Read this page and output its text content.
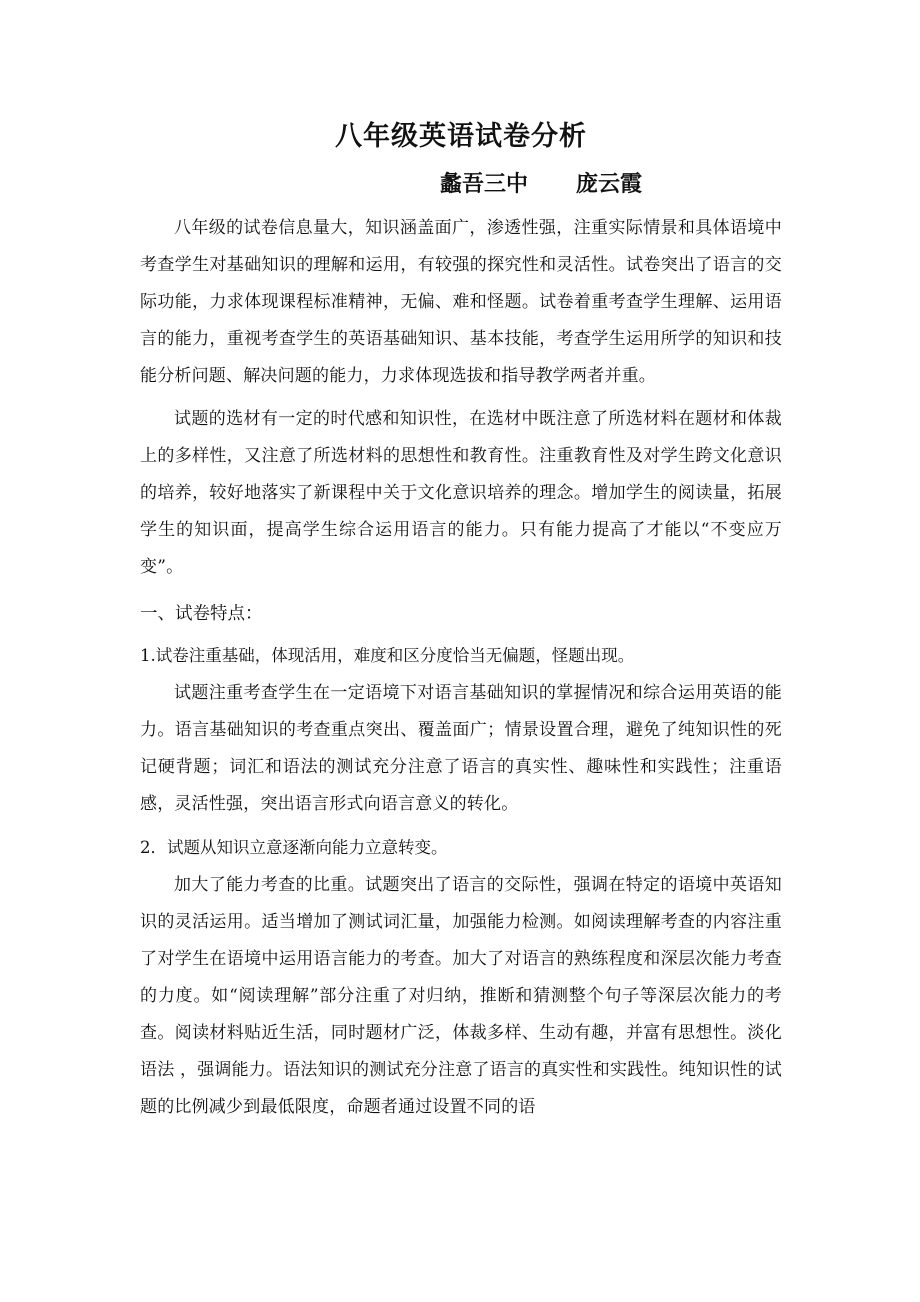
八年级英语试卷分析
蠡吾三中 庞云霞

八年级的试卷信息量大，知识涵盖面广，渗透性强，注重实际情景和具体语境中考查学生对基础知识的理解和运用，有较强的探究性和灵活性。试卷突出了语言的交际功能，力求体现课程标准精神，无偏、难和怪题。试卷着重考查学生理解、运用语言的能力，重视考查学生的英语基础知识、基本技能，考查学生运用所学的知识和技能分析问题、解决问题的能力，力求体现选拔和指导教学两者并重。

试题的选材有一定的时代感和知识性，在选材中既注意了所选材料在题材和体裁上的多样性，又注意了所选材料的思想性和教育性。注重教育性及对学生跨文化意识的培养，较好地落实了新课程中关于文化意识培养的理念。增加学生的阅读量，拓展学生的知识面，提高学生综合运用语言的能力。只有能力提高了才能以“不变应万变”。

一、试卷特点：
1.试卷注重基础，体现活用，难度和区分度恰当无偏题，怪题出现。

试题注重考查学生在一定语境下对语言基础知识的掌握情况和综合运用英语的能力。语言基础知识的考查重点突出、覆盖面广；情景设置合理，避免了纯知识性的死记硬背题；词汇和语法的测试充分注意了语言的真实性、趣味性和实践性；注重语感，灵活性强，突出语言形式向语言意义的转化。

2．试题从知识立意逐渐向能力立意转变。

加大了能力考查的比重。试题突出了语言的交际性，强调在特定的语境中英语知识的灵活运用。适当增加了测试词汇量，加强能力检测。如阅读理解考查的内容注重了对学生在语境中运用语言能力的考查。加大了对语言的熟练程度和深层次能力考查的力度。如“阅读理解”部分注重了对归纳，推断和猜测整个句子等深层次能力的考查。阅读材料贴近生活，同时题材广泛，体裁多样、生动有趣，并富有思想性。淡化语法 ，强调能力。语法知识的测试充分注意了语言的真实性和实践性。纯知识性的试题的比例减少到最低限度，命题者通过设置不同的语
